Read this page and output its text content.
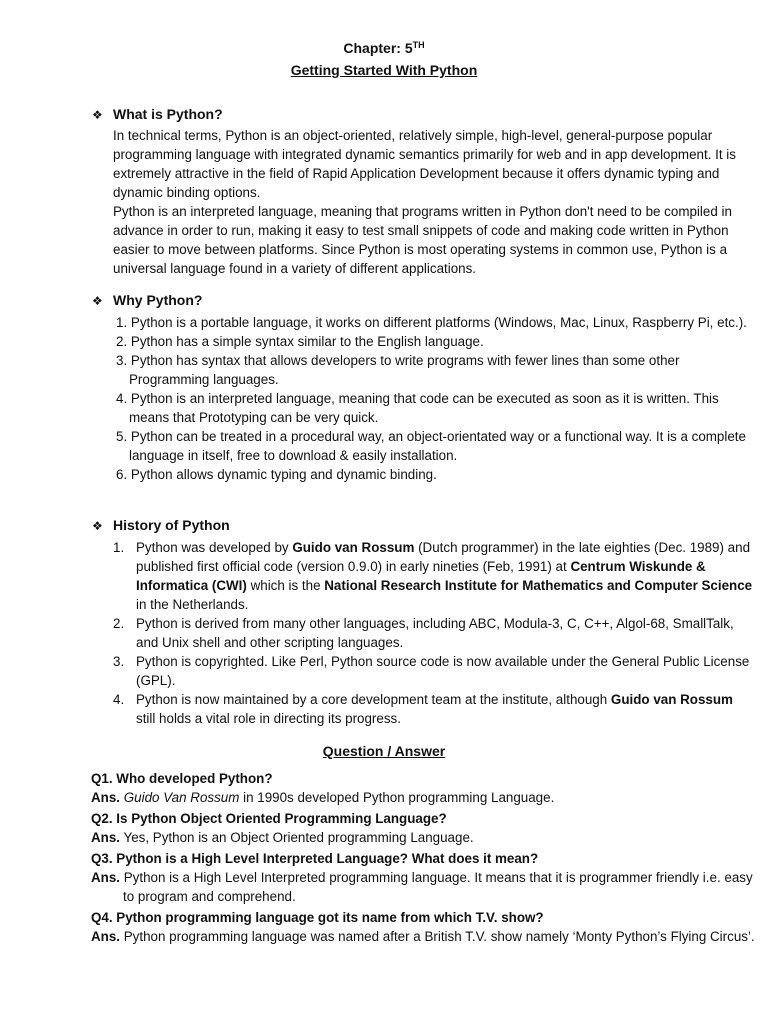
Chapter: 5TH
Getting Started With Python
❖ What is Python?

In technical terms, Python is an object-oriented, relatively simple, high-level, general-purpose popular programming language with integrated dynamic semantics primarily for web and in app development. It is extremely attractive in the field of Rapid Application Development because it offers dynamic typing and dynamic binding options.

Python is an interpreted language, meaning that programs written in Python don't need to be compiled in advance in order to run, making it easy to test small snippets of code and making code written in Python easier to move between platforms. Since Python is most operating systems in common use, Python is a universal language found in a variety of different applications.

❖ Why Python?
1. Python is a portable language, it works on different platforms (Windows, Mac, Linux, Raspberry Pi, etc.).
2. Python has a simple syntax similar to the English language.
3. Python has syntax that allows developers to write programs with fewer lines than some other Programming languages.
4. Python is an interpreted language, meaning that code can be executed as soon as it is written. This means that Prototyping can be very quick.
5. Python can be treated in a procedural way, an object-orientated way or a functional way. It is a complete language in itself, free to download & easily installation.
6. Python allows dynamic typing and dynamic binding.
❖ History of Python
1. Python was developed by Guido van Rossum (Dutch programmer) in the late eighties (Dec. 1989) and published first official code (version 0.9.0) in early nineties (Feb, 1991) at Centrum Wiskunde & Informatica (CWI) which is the National Research Institute for Mathematics and Computer Science in the Netherlands.
2. Python is derived from many other languages, including ABC, Modula-3, C, C++, Algol-68, SmallTalk, and Unix shell and other scripting languages.
3. Python is copyrighted. Like Perl, Python source code is now available under the General Public License (GPL).
4. Python is now maintained by a core development team at the institute, although Guido van Rossum still holds a vital role in directing its progress.
Question / Answer
Q1. Who developed Python?
Ans. Guido Van Rossum in 1990s developed Python programming Language.
Q2. Is Python Object Oriented Programming Language?
Ans. Yes, Python is an Object Oriented programming Language.
Q3. Python is a High Level Interpreted Language? What does it mean?
Ans. Python is a High Level Interpreted programming language. It means that it is programmer friendly i.e. easy to program and comprehend.
Q4. Python programming language got its name from which T.V. show?
Ans. Python programming language was named after a British T.V. show namely ‘Monty Python’s Flying Circus’.
